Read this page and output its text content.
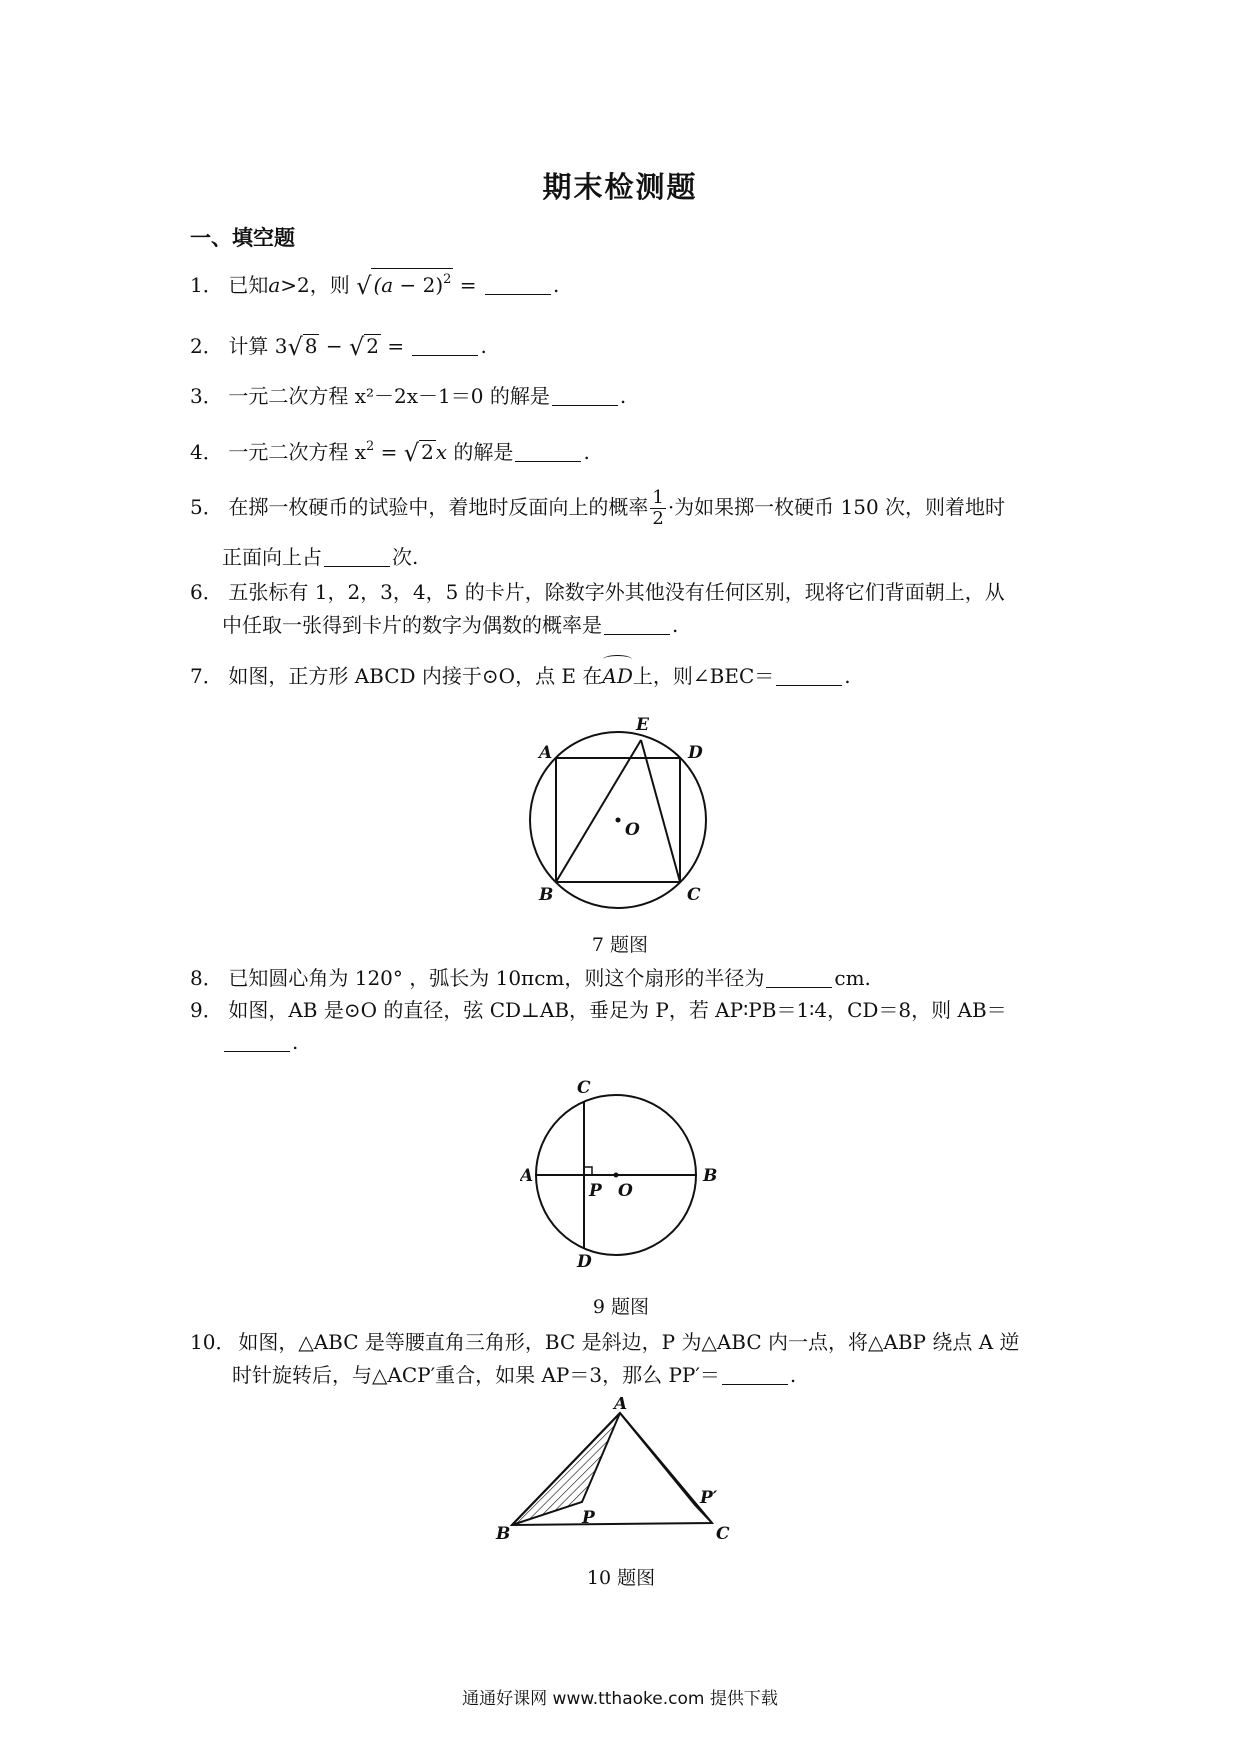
期末检测题
一、填空题
1． 已知a>2，则 √ $(a - 2)^2$ =	.
2． 计算 3√ 8 − √ 2 =	.
3． 一元二次方程 x²－2x－1＝0 的解是	.
4． 一元二次方程 $x^2$ = √ 2 x 的解是	.
5． 在掷一枚硬币的试验中，着地时反面向上的概率 $\frac{1}{2}$ ·为如果掷一枚硬币 150 次，则着地时
正面向上占	次.
6． 五张标有 1，2，3，4，5 的卡片，除数字外其他没有任何区别，现将它们背面朝上，从
中任取一张得到卡片的数字为偶数的概率是	.
7． 如图，正方形 ABCD 内接于⊙O，点 E 在AD上，则∠BEC＝	.
A
B	C
D
E
O
7 题图
8． 已知圆心角为 120° ，弧长为 10πcm，则这个扇形的半径为	cm.
9． 如图，AB 是⊙O 的直径，弦 CD⊥AB，垂足为 P，若 AP∶PB＝1∶4，CD＝8，则 AB＝
.
A	B
C
D
P O
9 题图
10． 如图，△ABC 是等腰直角三角形，BC 是斜边，P 为△ABC 内一点，将△ABP 绕点 A 逆
时针旋转后，与△ACP′重合，如果 AP＝3，那么 PP′＝	.
A
B	C
P
P′
10 题图
通通好课网 www.tthaoke.com 提供下载
